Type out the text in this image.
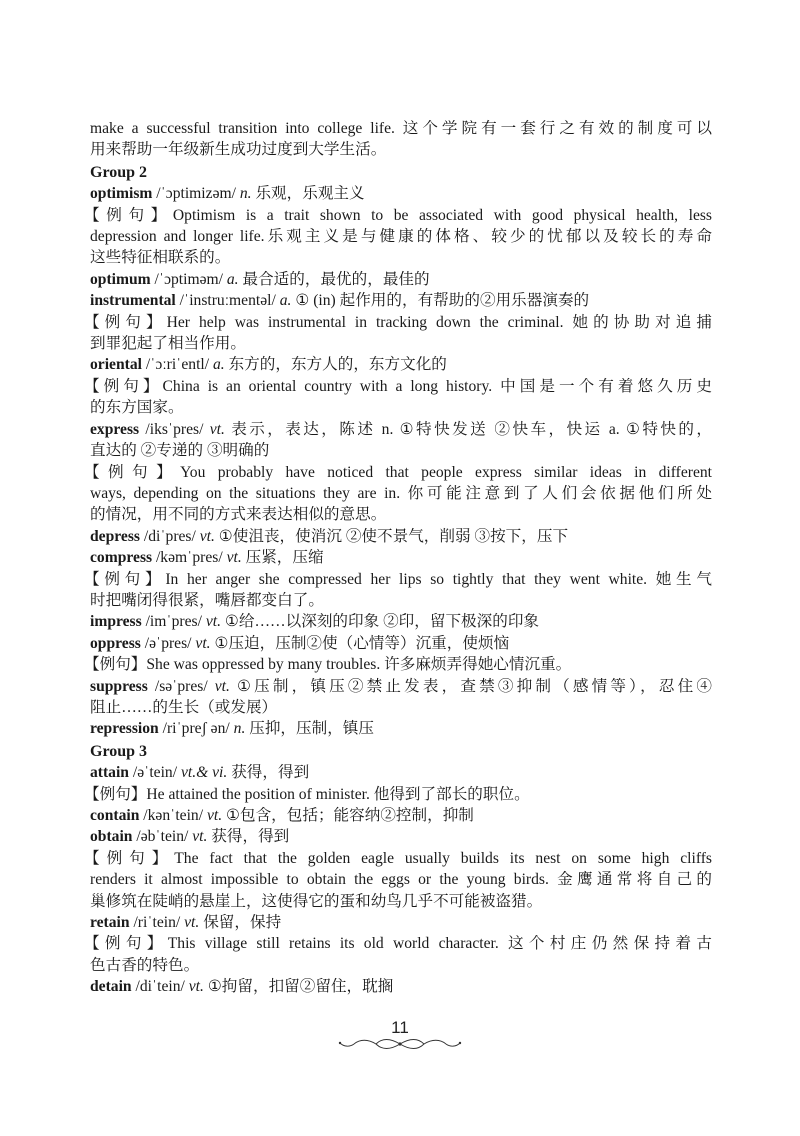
make a successful transition into college life. 这个学院有一套行之有效的制度可以
用来帮助一年级新生成功过度到大学生活。
Group 2
optimism /ˈɔptimizəm/ n. 乐观，乐观主义
【例句】Optimism is a trait shown to be associated with good physical health, less
depression and longer life.乐观主义是与健康的体格、较少的忧郁以及较长的寿命
这些特征相联系的。
optimum /ˈɔptiməm/ a. 最合适的，最优的，最佳的
instrumental /ˈinstruːmentəl/ a. ① (in) 起作用的，有帮助的②用乐器演奏的
【例句】Her help was instrumental in tracking down the criminal. 她的协助对追捕
到罪犯起了相当作用。
oriental /ˈɔːriˈentl/ a. 东方的，东方人的，东方文化的
【例句】China is an oriental country with a long history. 中国是一个有着悠久历史
的东方国家。
express /iksˈpres/ vt. 表示，表达，陈述 n. ①特快发送 ②快车，快运 a. ①特快的，
直达的 ②专递的 ③明确的
【例句】You probably have noticed that people express similar ideas in different
ways, depending on the situations they are in. 你可能注意到了人们会依据他们所处
的情况，用不同的方式来表达相似的意思。
depress /diˈpres/ vt. ①使沮丧，使消沉 ②使不景气，削弱 ③按下，压下
compress /kəmˈpres/ vt. 压紧，压缩
【例句】In her anger she compressed her lips so tightly that they went white. 她生气
时把嘴闭得很紧，嘴唇都变白了。
impress /imˈpres/ vt. ①给……以深刻的印象 ②印，留下极深的印象
oppress /əˈpres/ vt. ①压迫，压制②使（心情等）沉重，使烦恼
【例句】She was oppressed by many troubles. 许多麻烦弄得她心情沉重。
suppress /səˈpres/ vt. ①压制，镇压②禁止发表，查禁③抑制（感情等），忍住④
阻止……的生长（或发展）
repression /riˈpreʃ ən/ n. 压抑，压制，镇压
Group 3
attain /əˈtein/ vt.& vi. 获得，得到
【例句】He attained the position of minister. 他得到了部长的职位。
contain /kənˈtein/ vt. ①包含，包括；能容纳②控制，抑制
obtain /əbˈtein/ vt. 获得，得到
【例句】The fact that the golden eagle usually builds its nest on some high cliffs
renders it almost impossible to obtain the eggs or the young birds. 金鹰通常将自己的
巢修筑在陡峭的悬崖上，这使得它的蛋和幼鸟几乎不可能被盗猎。
retain /riˈtein/ vt. 保留，保持
【例句】This village still retains its old world character. 这个村庄仍然保持着古
色古香的特色。
detain /diˈtein/ vt. ①拘留，扣留②留住，耽搁
11
